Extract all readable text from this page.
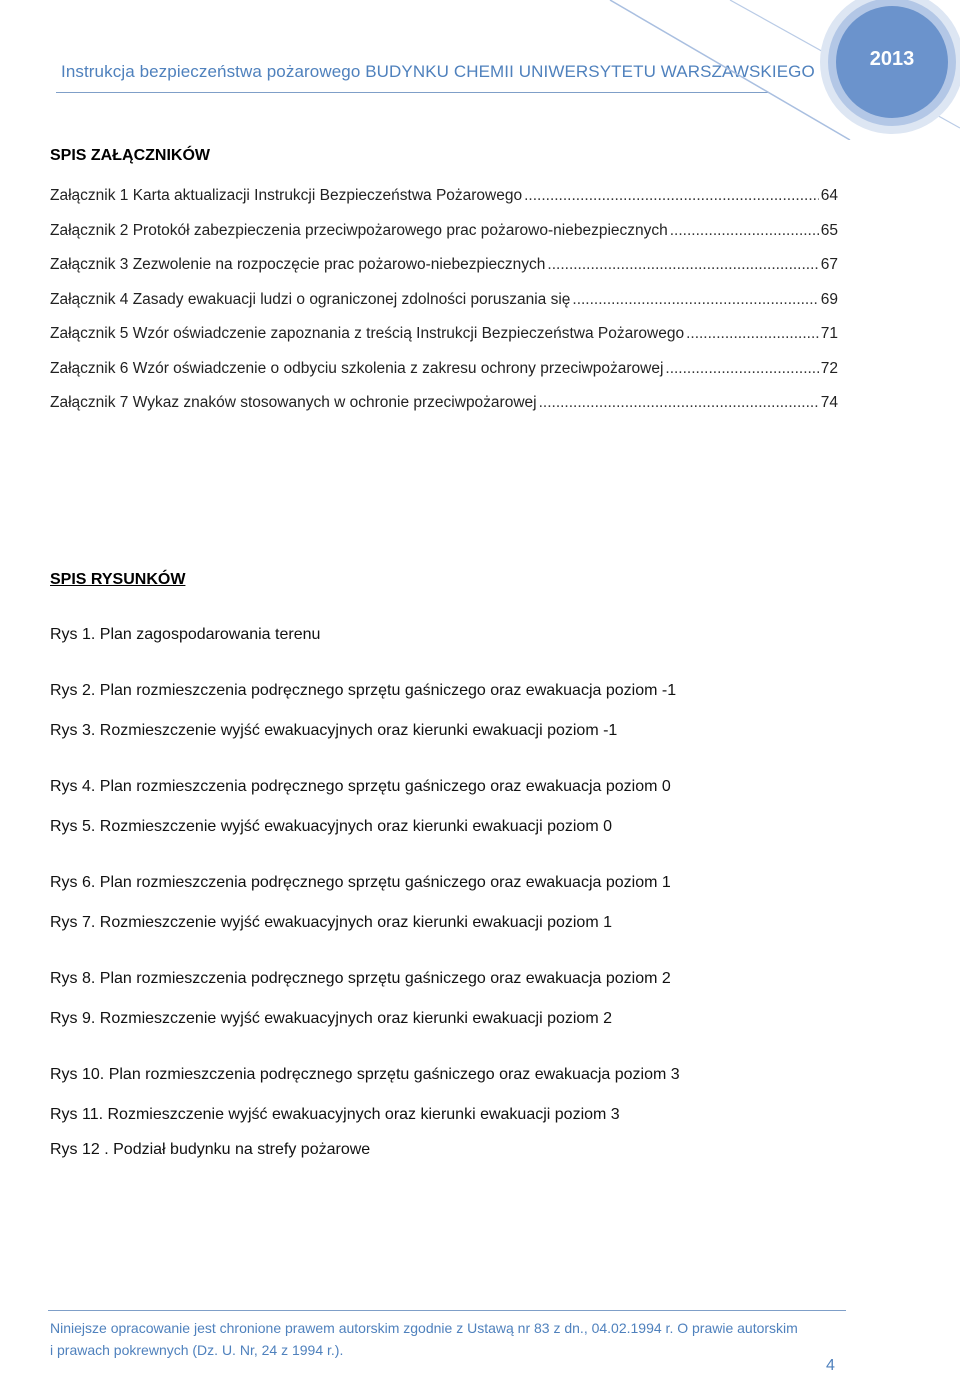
Instrukcja bezpieczeństwa pożarowego BUDYNKU CHEMII UNIWERSYTETU WARSZAWSKIEGO
2013
SPIS ZAŁĄCZNIKÓW
Załącznik 1 Karta aktualizacji Instrukcji Bezpieczeństwa Pożarowego .....	64
Załącznik 2 Protokół zabezpieczenia przeciwpożarowego prac pożarowo-niebezpiecznych .....	65
Załącznik 3 Zezwolenie na rozpoczęcie prac pożarowo-niebezpiecznych .....	67
Załącznik 4 Zasady ewakuacji ludzi o ograniczonej zdolności poruszania się .....	69
Załącznik 5 Wzór oświadczenie zapoznania z treścią Instrukcji Bezpieczeństwa Pożarowego .....	71
Załącznik 6 Wzór oświadczenie o odbyciu szkolenia z zakresu ochrony przeciwpożarowej .....	72
Załącznik 7 Wykaz znaków stosowanych w ochronie przeciwpożarowej .....	74
SPIS RYSUNKÓW
Rys 1. Plan zagospodarowania terenu
Rys 2. Plan rozmieszczenia podręcznego sprzętu gaśniczego oraz ewakuacja poziom -1
Rys 3. Rozmieszczenie wyjść ewakuacyjnych oraz kierunki ewakuacji poziom -1
Rys 4. Plan rozmieszczenia podręcznego sprzętu gaśniczego oraz ewakuacja poziom 0
Rys 5. Rozmieszczenie wyjść ewakuacyjnych oraz kierunki ewakuacji poziom 0
Rys 6. Plan rozmieszczenia podręcznego sprzętu gaśniczego oraz ewakuacja poziom 1
Rys 7. Rozmieszczenie wyjść ewakuacyjnych oraz kierunki ewakuacji poziom 1
Rys 8. Plan rozmieszczenia podręcznego sprzętu gaśniczego oraz ewakuacja poziom 2
Rys 9. Rozmieszczenie wyjść ewakuacyjnych oraz kierunki ewakuacji poziom 2
Rys 10. Plan rozmieszczenia podręcznego sprzętu gaśniczego oraz ewakuacja poziom 3
Rys 11. Rozmieszczenie wyjść ewakuacyjnych oraz kierunki ewakuacji poziom 3
Rys 12 . Podział budynku na strefy pożarowe
Niniejsze opracowanie jest chronione prawem autorskim zgodnie z Ustawą nr 83 z dn., 04.02.1994 r. O prawie autorskim
i prawach pokrewnych (Dz. U. Nr, 24 z 1994 r.).
4
